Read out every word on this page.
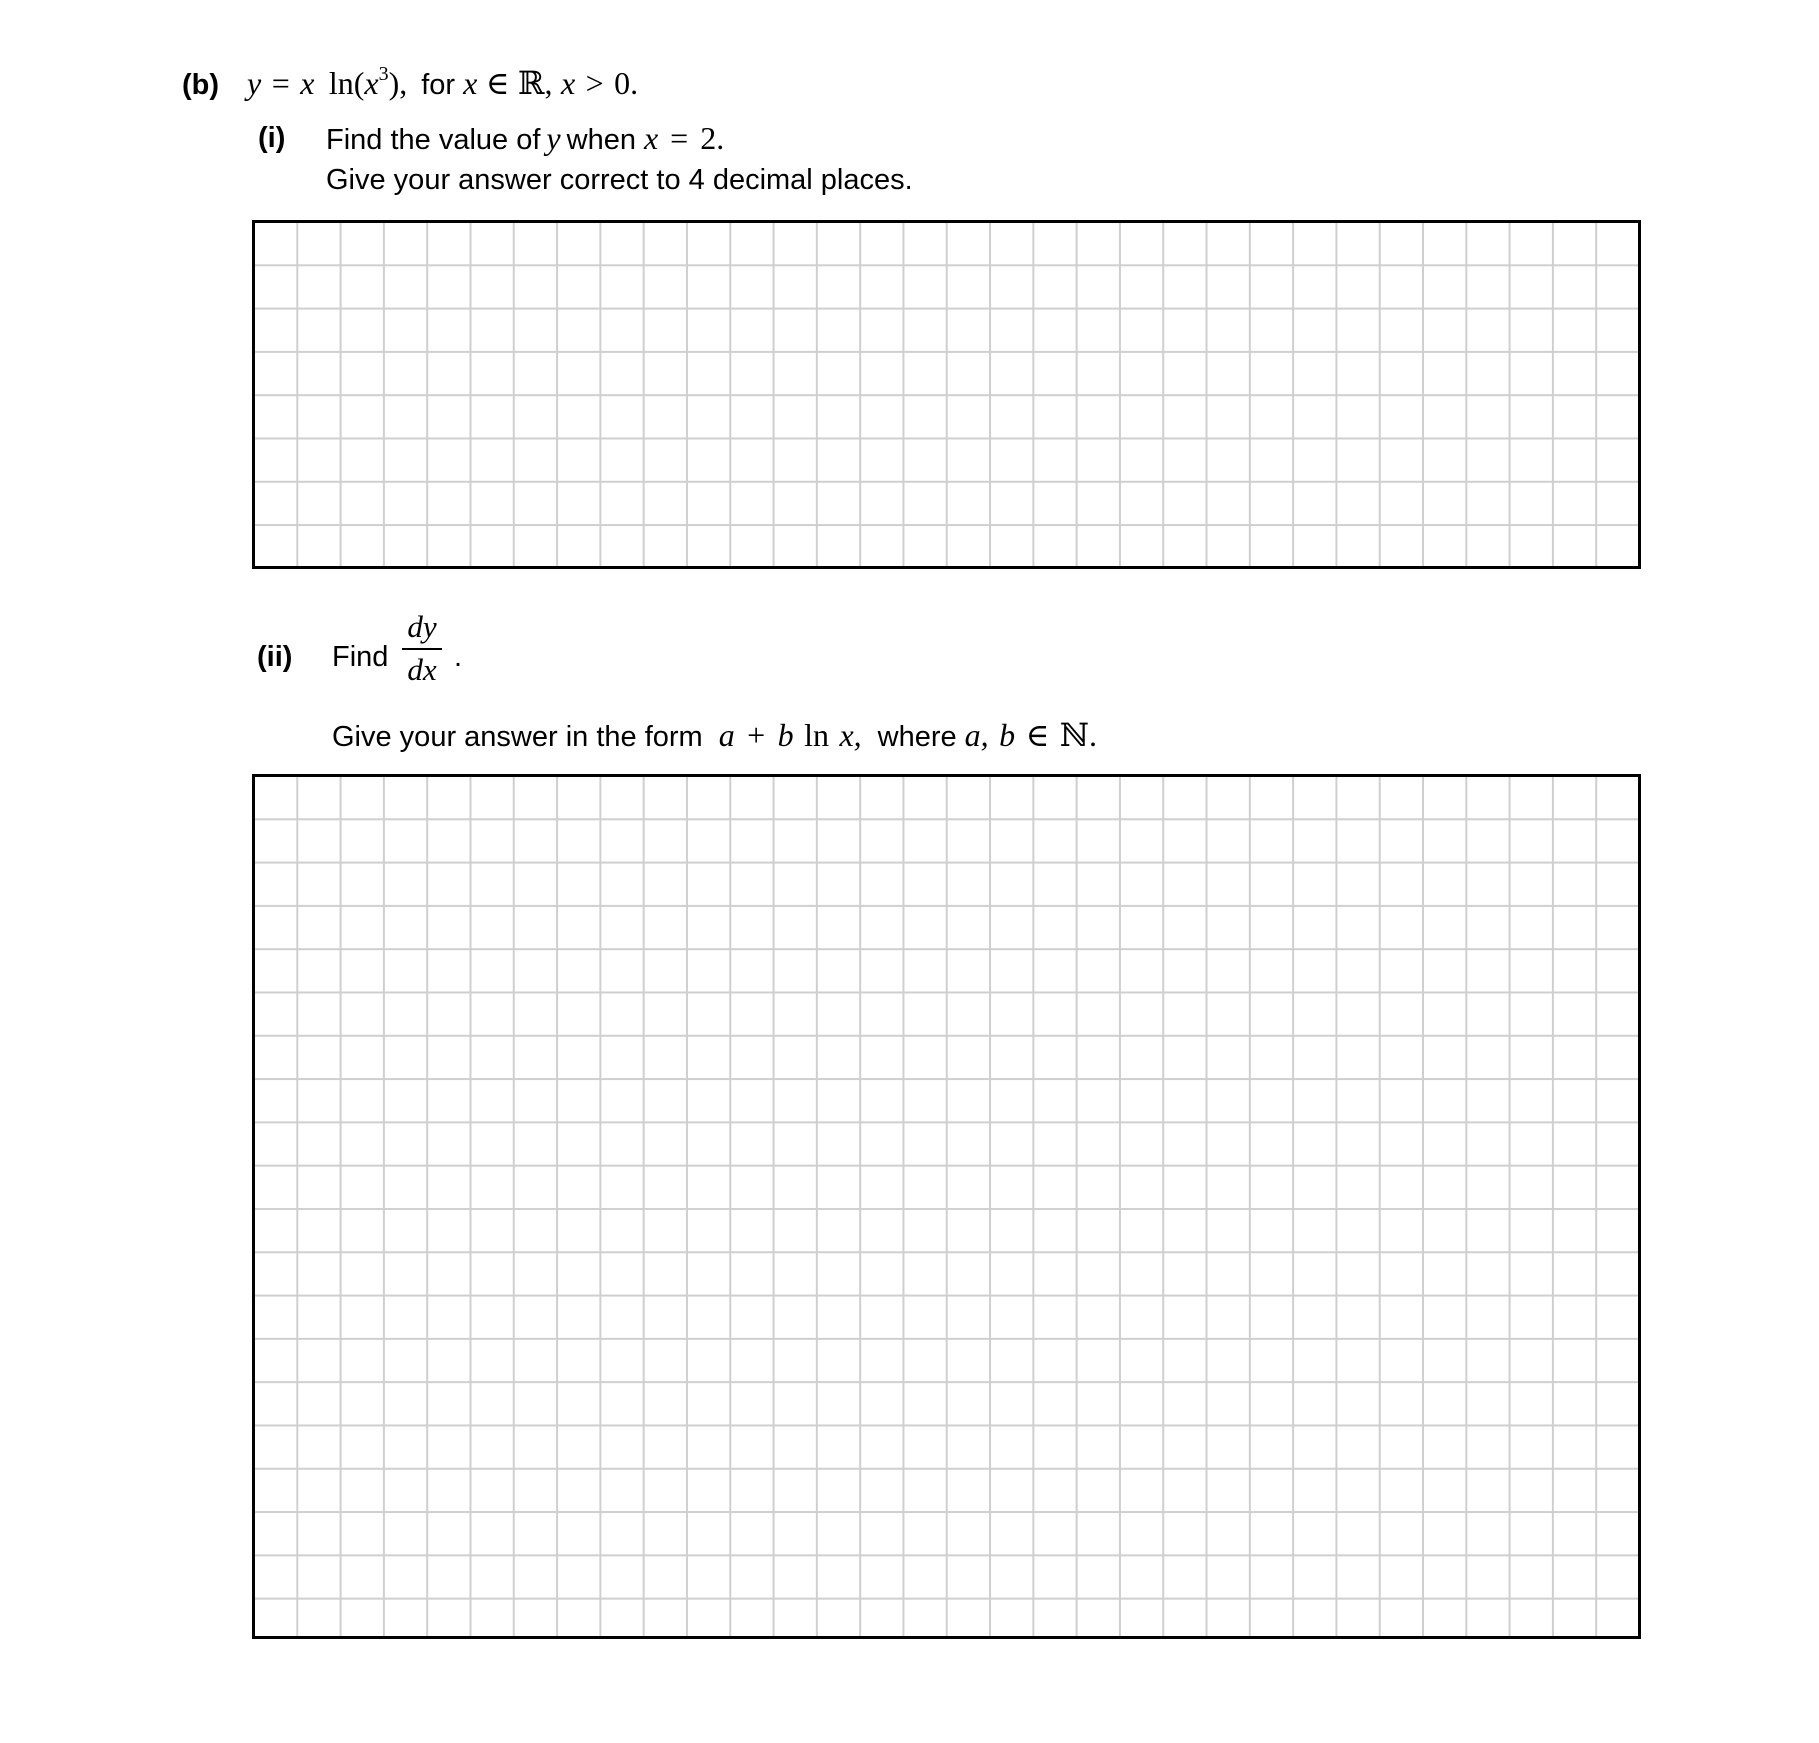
(b) y = x $\ln(x^3)$, for x ∈ ℝ, x > 0.
(i) Find the value of y when x = 2.
Give your answer correct to 4 decimal places.
(ii) Find
dy
dx .
Give your answer in the form a + b ln x, where a, b ∈ ℕ.
